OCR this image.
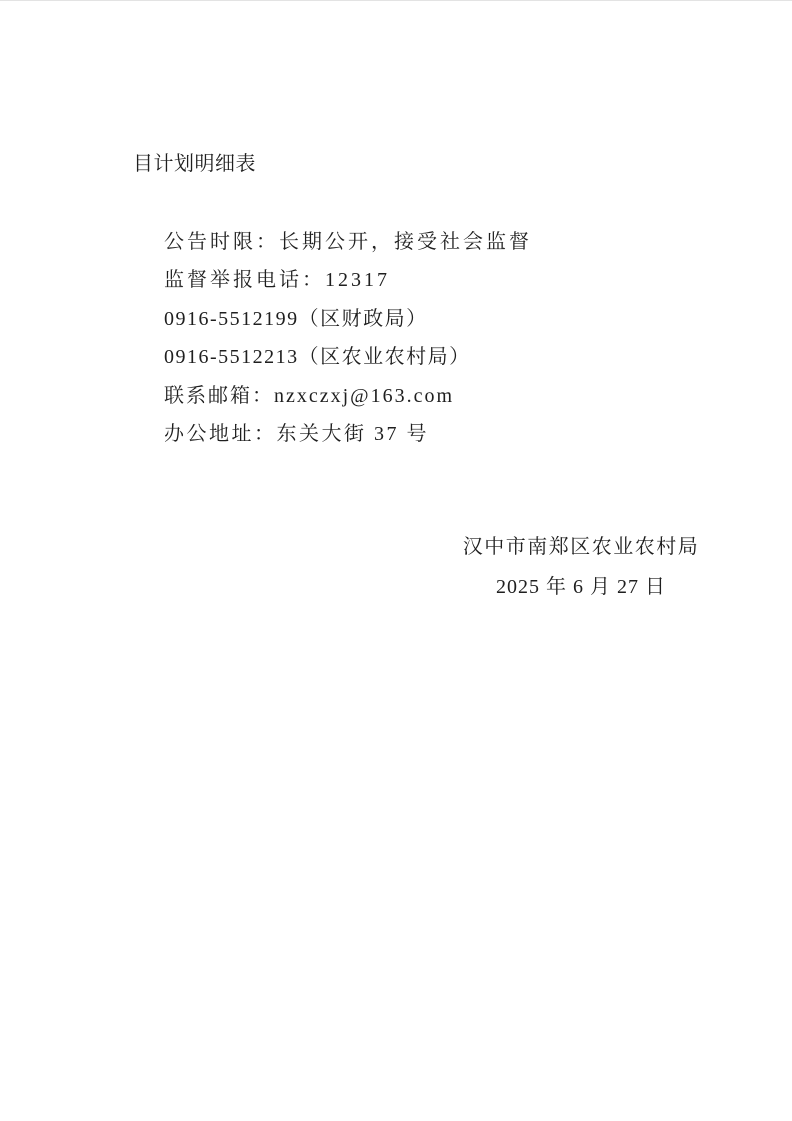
目计划明细表
公告时限：长期公开，接受社会监督
监督举报电话：12317
0916-5512199（区财政局）
0916-5512213（区农业农村局）
联系邮箱：nzxczxj@163.com
办公地址：东关大街 37 号
汉中市南郑区农业农村局
2025 年 6 月 27 日
